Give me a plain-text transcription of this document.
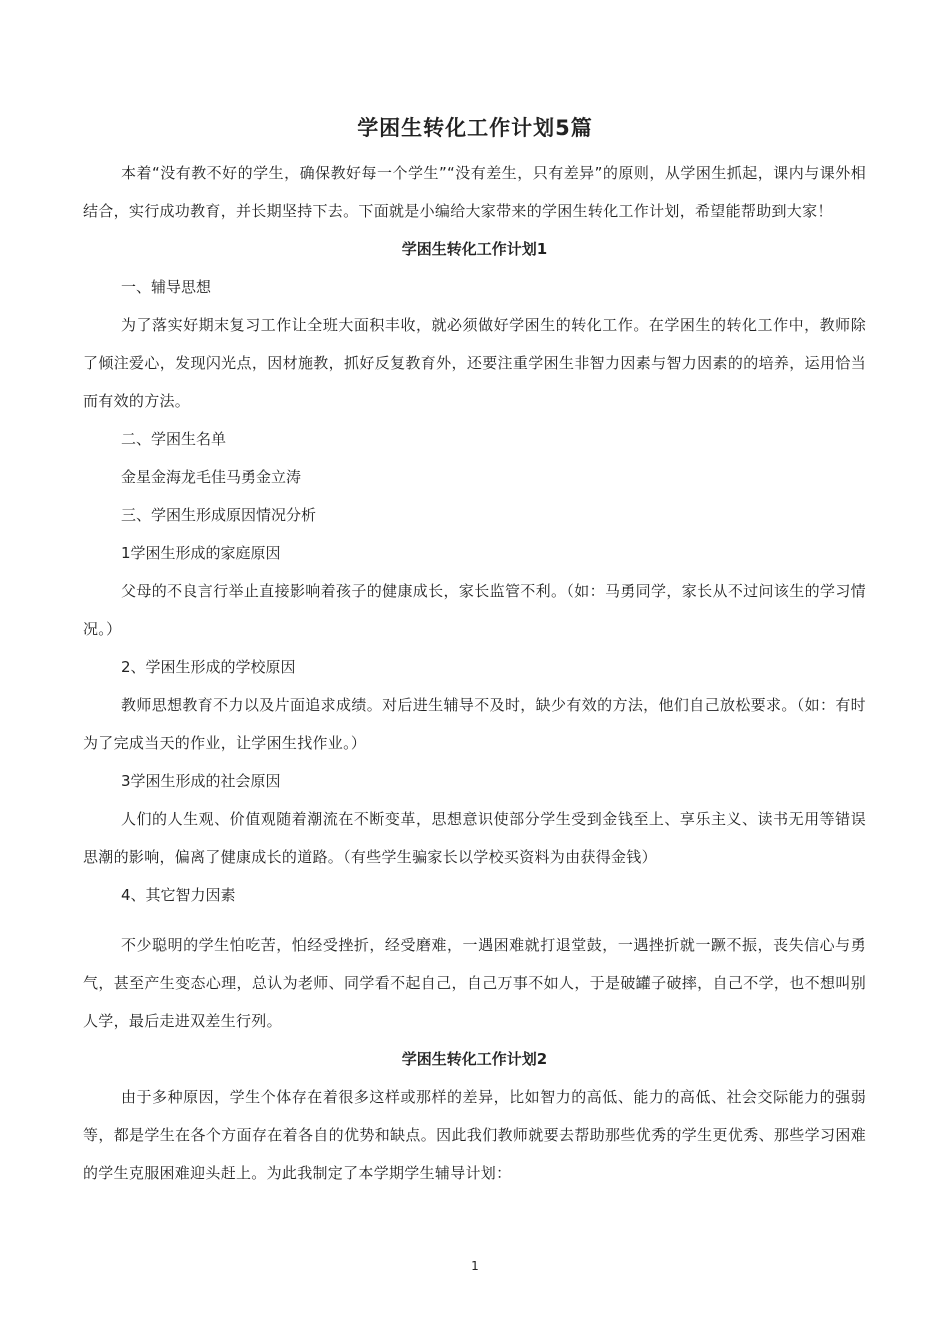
学困生转化工作计划5篇

本着“没有教不好的学生，确保教好每一个学生”“没有差生，只有差异”的原则，从学困生抓起，课内与课外相结合，实行成功教育，并长期坚持下去。下面就是小编给大家带来的学困生转化工作计划，希望能帮助到大家！

学困生转化工作计划1

一、辅导思想

为了落实好期末复习工作让全班大面积丰收，就必须做好学困生的转化工作。在学困生的转化工作中，教师除了倾注爱心，发现闪光点，因材施教，抓好反复教育外，还要注重学困生非智力因素与智力因素的的培养，运用恰当而有效的方法。

二、学困生名单

金星金海龙毛佳马勇金立涛

三、学困生形成原因情况分析

1学困生形成的家庭原因

父母的不良言行举止直接影响着孩子的健康成长，家长监管不利。（如：马勇同学，家长从不过问该生的学习情况。）

2、学困生形成的学校原因

教师思想教育不力以及片面追求成绩。对后进生辅导不及时，缺少有效的方法，他们自己放松要求。（如：有时为了完成当天的作业，让学困生找作业。）

3学困生形成的社会原因

人们的人生观、价值观随着潮流在不断变革，思想意识使部分学生受到金钱至上、享乐主义、读书无用等错误思潮的影响，偏离了健康成长的道路。（有些学生骗家长以学校买资料为由获得金钱）

4、其它智力因素

不少聪明的学生怕吃苦，怕经受挫折，经受磨难，一遇困难就打退堂鼓，一遇挫折就一蹶不振，丧失信心与勇气，甚至产生变态心理，总认为老师、同学看不起自己，自己万事不如人，于是破罐子破摔，自己不学，也不想叫别人学，最后走进双差生行列。

学困生转化工作计划2

由于多种原因，学生个体存在着很多这样或那样的差异，比如智力的高低、能力的高低、社会交际能力的强弱等，都是学生在各个方面存在着各自的优势和缺点。因此我们教师就要去帮助那些优秀的学生更优秀、那些学习困难的学生克服困难迎头赶上。为此我制定了本学期学生辅导计划：

1
